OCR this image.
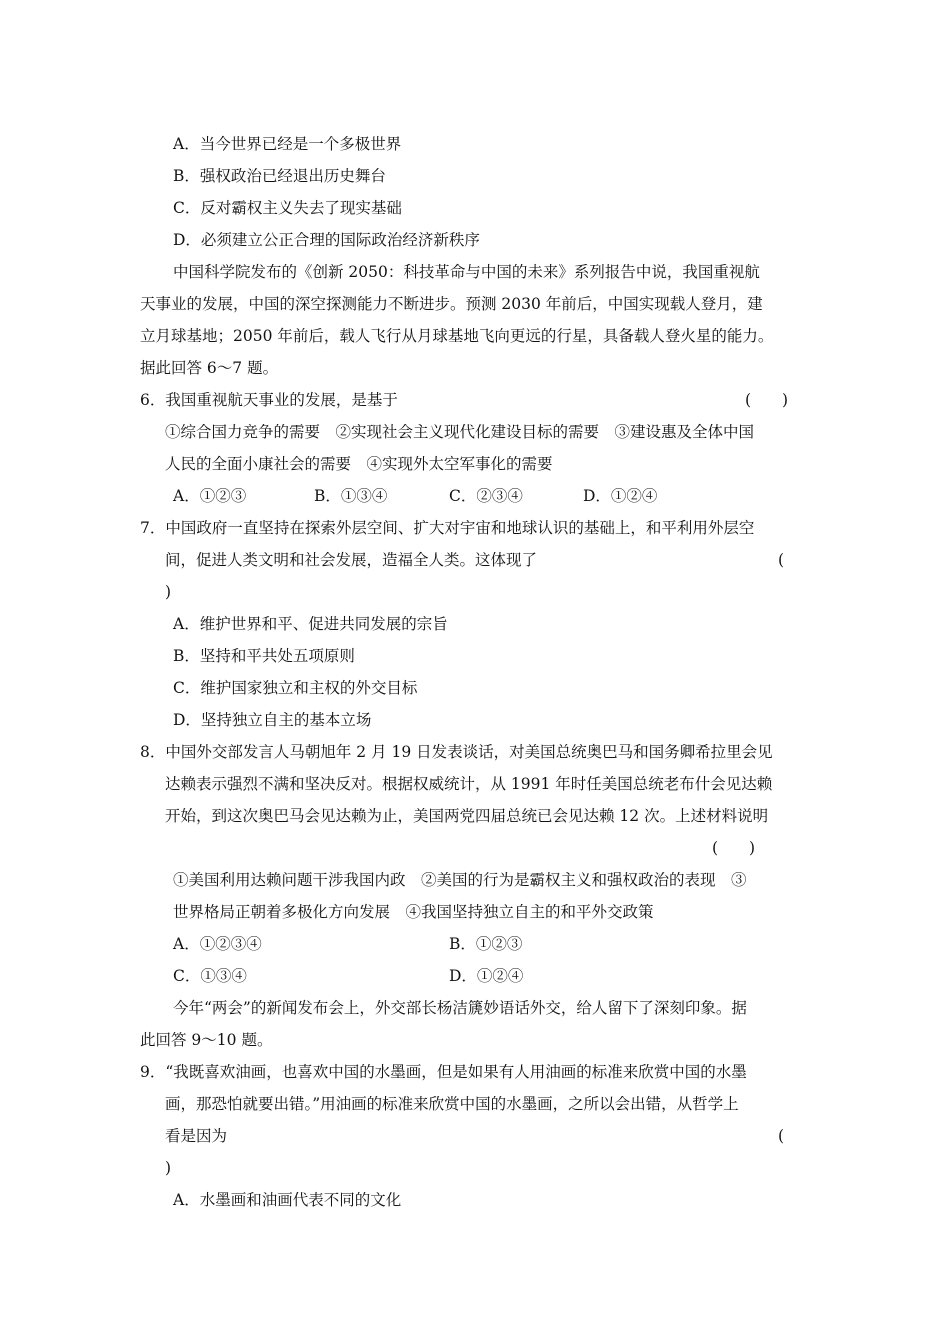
A．当今世界已经是一个多极世界

B．强权政治已经退出历史舞台

C．反对霸权主义失去了现实基础

D．必须建立公正合理的国际政治经济新秩序

中国科学院发布的《创新 2050：科技革命与中国的未来》系列报告中说，我国重视航

天事业的发展，中国的深空探测能力不断进步。预测 2030 年前后，中国实现载人登月，建

立月球基地；2050 年前后，载人飞行从月球基地飞向更远的行星，具备载人登火星的能力。

据此回答 6～7 题。

6．我国重视航天事业的发展，是基于	(　　)

①综合国力竞争的需要　②实现社会主义现代化建设目标的需要　③建设惠及全体中国

人民的全面小康社会的需要　④实现外太空军事化的需要

A．①②③	B．①③④	C．②③④	D．①②④

7．中国政府一直坚持在探索外层空间、扩大对宇宙和地球认识的基础上，和平利用外层空

间，促进人类文明和社会发展，造福全人类。这体现了	(

)

A．维护世界和平、促进共同发展的宗旨

B．坚持和平共处五项原则

C．维护国家独立和主权的外交目标

D．坚持独立自主的基本立场

8．中国外交部发言人马朝旭年 2 月 19 日发表谈话，对美国总统奥巴马和国务卿希拉里会见

达赖表示强烈不满和坚决反对。根据权威统计，从 1991 年时任美国总统老布什会见达赖

开始，到这次奥巴马会见达赖为止，美国两党四届总统已会见达赖 12 次。上述材料说明

(　　)

①美国利用达赖问题干涉我国内政　②美国的行为是霸权主义和强权政治的表现　③

世界格局正朝着多极化方向发展　④我国坚持独立自主的和平外交政策

A．①②③④	B．①②③

C．①③④	D．①②④

今年“两会”的新闻发布会上，外交部长杨洁篪妙语话外交，给人留下了深刻印象。据

此回答 9～10 题。

9．“我既喜欢油画，也喜欢中国的水墨画，但是如果有人用油画的标准来欣赏中国的水墨

画，那恐怕就要出错。”用油画的标准来欣赏中国的水墨画，之所以会出错，从哲学上

看是因为	(

)

A．水墨画和油画代表不同的文化
